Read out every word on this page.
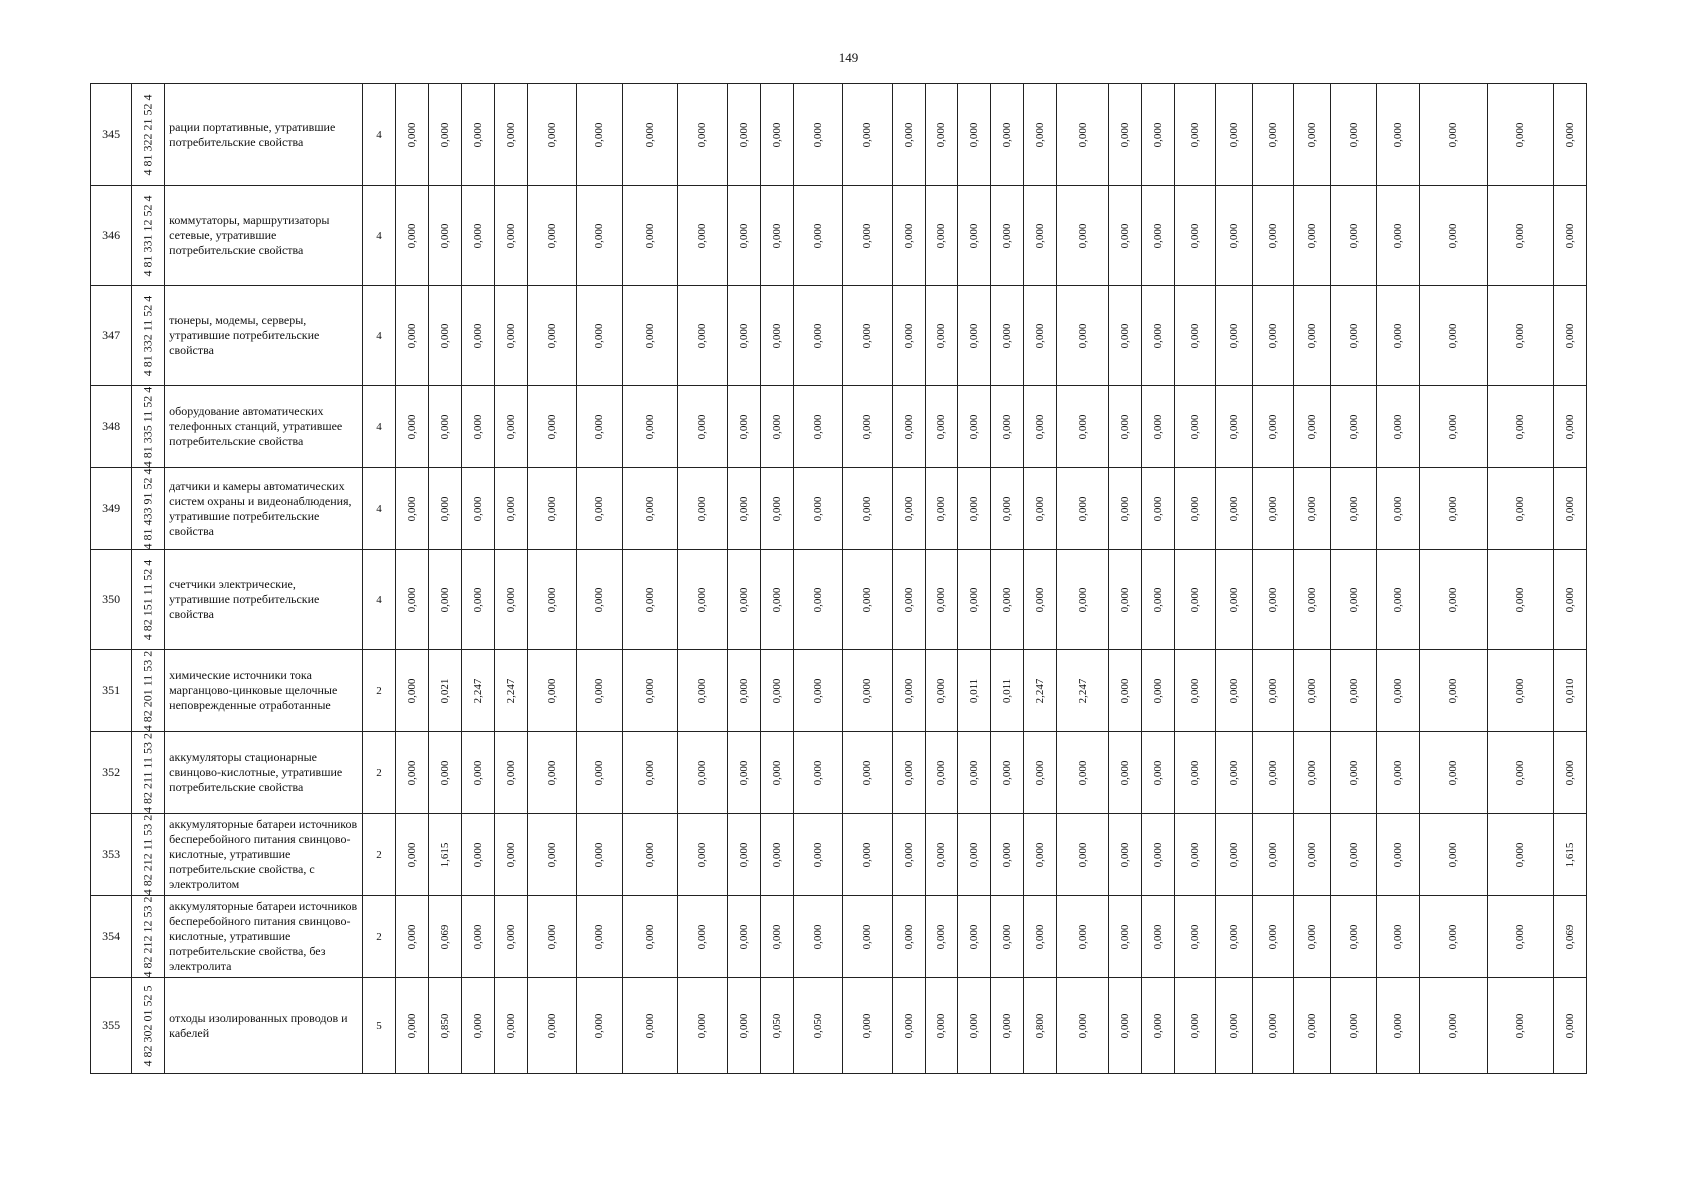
149
345	4 81 322 21 52 4	рации портативные, утратившие потребительские свойства	4	0,000	0,000	0,000	0,000	0,000	0,000	0,000	0,000	0,000	0,000	0,000	0,000	0,000	0,000	0,000	0,000	0,000	0,000	0,000	0,000	0,000	0,000	0,000	0,000	0,000	0,000	0,000	0,000	0,000

346	4 81 331 12 52 4	коммутаторы, маршрутизаторы сетевые, утратившие потребительские свойства	4	0,000	0,000	0,000	0,000	0,000	0,000	0,000	0,000	0,000	0,000	0,000	0,000	0,000	0,000	0,000	0,000	0,000	0,000	0,000	0,000	0,000	0,000	0,000	0,000	0,000	0,000	0,000	0,000	0,000

347	4 81 332 11 52 4	тюнеры, модемы, серверы, утратившие потребительские свойства	4	0,000	0,000	0,000	0,000	0,000	0,000	0,000	0,000	0,000	0,000	0,000	0,000	0,000	0,000	0,000	0,000	0,000	0,000	0,000	0,000	0,000	0,000	0,000	0,000	0,000	0,000	0,000	0,000	0,000

348	4 81 335 11 52 4	оборудование автоматических телефонных станций, утратившее потребительские свойства	4	0,000	0,000	0,000	0,000	0,000	0,000	0,000	0,000	0,000	0,000	0,000	0,000	0,000	0,000	0,000	0,000	0,000	0,000	0,000	0,000	0,000	0,000	0,000	0,000	0,000	0,000	0,000	0,000	0,000

349	4 81 433 91 52 4	датчики и камеры автоматических систем охраны и видеонаблюдения, утратившие потребительские свойства	4	0,000	0,000	0,000	0,000	0,000	0,000	0,000	0,000	0,000	0,000	0,000	0,000	0,000	0,000	0,000	0,000	0,000	0,000	0,000	0,000	0,000	0,000	0,000	0,000	0,000	0,000	0,000	0,000	0,000

350	4 82 151 11 52 4	счетчики электрические, утратившие потребительские свойства	4	0,000	0,000	0,000	0,000	0,000	0,000	0,000	0,000	0,000	0,000	0,000	0,000	0,000	0,000	0,000	0,000	0,000	0,000	0,000	0,000	0,000	0,000	0,000	0,000	0,000	0,000	0,000	0,000	0,000

351	4 82 201 11 53 2	химические источники тока марганцово-цинковые щелочные неповрежденные отработанные	2	0,000	0,021	2,247	2,247	0,000	0,000	0,000	0,000	0,000	0,000	0,000	0,000	0,000	0,000	0,011	0,011	2,247	2,247	0,000	0,000	0,000	0,000	0,000	0,000	0,000	0,000	0,000	0,000	0,010

352	4 82 211 11 53 2	аккумуляторы стационарные свинцово-кислотные, утратившие потребительские свойства	2	0,000	0,000	0,000	0,000	0,000	0,000	0,000	0,000	0,000	0,000	0,000	0,000	0,000	0,000	0,000	0,000	0,000	0,000	0,000	0,000	0,000	0,000	0,000	0,000	0,000	0,000	0,000	0,000	0,000

353	4 82 212 11 53 2	аккумуляторные батареи источников бесперебойного питания свинцово-кислотные, утратившие потребительские свойства, с электролитом	2	0,000	1,615	0,000	0,000	0,000	0,000	0,000	0,000	0,000	0,000	0,000	0,000	0,000	0,000	0,000	0,000	0,000	0,000	0,000	0,000	0,000	0,000	0,000	0,000	0,000	0,000	0,000	0,000	1,615

354	4 82 212 12 53 2	аккумуляторные батареи источников бесперебойного питания свинцово-кислотные, утратившие потребительские свойства, без электролита	2	0,000	0,069	0,000	0,000	0,000	0,000	0,000	0,000	0,000	0,000	0,000	0,000	0,000	0,000	0,000	0,000	0,000	0,000	0,000	0,000	0,000	0,000	0,000	0,000	0,000	0,000	0,000	0,000	0,069

355	4 82 302 01 52 5	отходы изолированных проводов и кабелей	5	0,000	0,850	0,000	0,000	0,000	0,000	0,000	0,000	0,000	0,050	0,050	0,000	0,000	0,000	0,000	0,000	0,800	0,000	0,000	0,000	0,000	0,000	0,000	0,000	0,000	0,000	0,000	0,000	0,000
